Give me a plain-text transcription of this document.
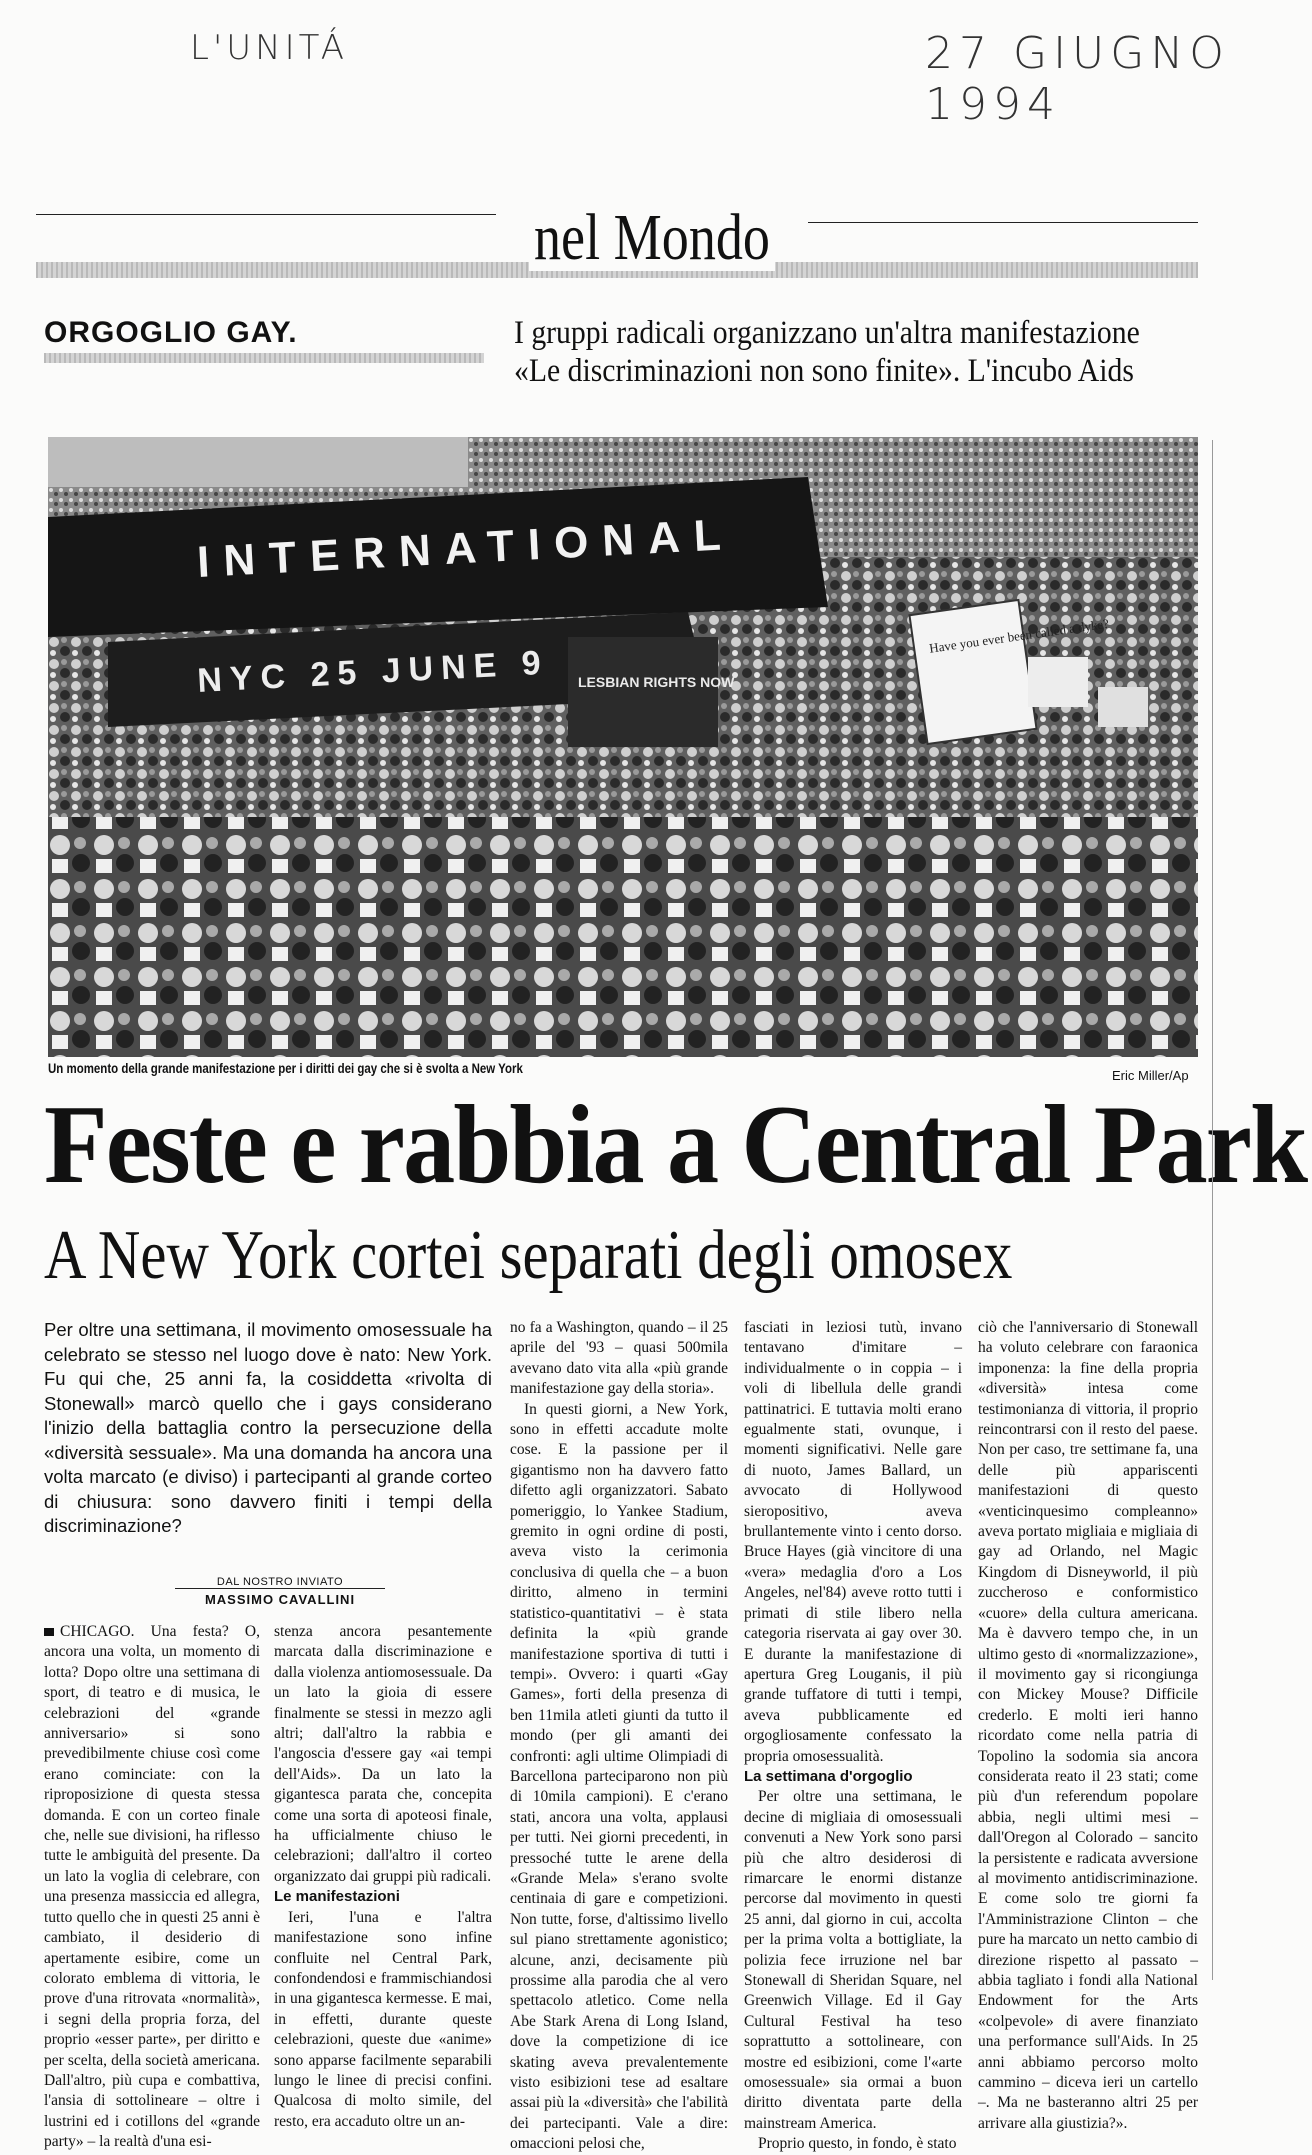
L'UNITÁ	27 GIUGNO 1994
nel Mondo
ORGOGLIO GAY.	I gruppi radicali organizzano un'altra manifestazione
«Le discriminazioni non sono finite». L'incubo Aids
INTERNATIONAL
NYC 25 JUNE 9 LESBIAN RIGHTS NOW
Have you ever been called a dyke?
Un momento della grande manifestazione per i diritti dei gay che si è svolta a New York	Eric Miller/Ap
Feste e rabbia a Central Park
A New York cortei separati degli omosex
Per oltre una settimana, il movimento omosessuale ha celebrato se stesso nel luogo dove è nato: New York. Fu qui che, 25 anni fa, la cosiddetta «rivolta di Stonewall» marcò quello che i gays considerano l'inizio della battaglia contro la persecuzione della «diversità sessuale». Ma una domanda ha ancora una volta marcato (e diviso) i partecipanti al grande corteo di chiusura: sono davvero finiti i tempi della discriminazione?
DAL NOSTRO INVIATO
MASSIMO CAVALLINI

CHICAGO. Una festa? O, ancora una volta, un momento di lotta? Dopo oltre una settimana di sport, di teatro e di musica, le celebrazioni del «grande anniversario» si sono prevedibilmente chiuse così come erano cominciate: con la riproposizione di questa stessa domanda. E con un corteo finale che, nelle sue divisioni, ha riflesso tutte le ambiguità del presente. Da un lato la voglia di celebrare, con una presenza massiccia ed allegra, tutto quello che in questi 25 anni è cambiato, il desiderio di apertamente esibire, come un colorato emblema di vittoria, le prove d'una ritrovata «normalità», i segni della propria forza, del proprio «esser parte», per diritto e per scelta, della società americana. Dall'altro, più cupa e combattiva, l'ansia di sottolineare – oltre i lustrini ed i cotillons del «grande party» – la realtà d'una esi-

stenza ancora pesantemente marcata dalla discriminazione e dalla violenza antiomosessuale. Da un lato la gioia di essere finalmente se stessi in mezzo agli altri; dall'altro la rabbia e l'angoscia d'essere gay «ai tempi dell'Aids». Da un lato la gigantesca parata che, concepita come una sorta di apoteosi finale, ha ufficialmente chiuso le celebrazioni; dall'altro il corteo organizzato dai gruppi più radicali.

Le manifestazioni

Ieri, l'una e l'altra manifestazione sono infine confluite nel Central Park, confondendosi e frammischiandosi in una gigantesca kermesse. E mai, in effetti, durante queste celebrazioni, queste due «anime» sono apparse facilmente separabili lungo le linee di precisi confini. Qualcosa di molto simile, del resto, era accaduto oltre un an-

no fa a Washington, quando – il 25 aprile del '93 – quasi 500mila avevano dato vita alla «più grande manifestazione gay della storia».

In questi giorni, a New York, sono in effetti accadute molte cose. E la passione per il gigantismo non ha davvero fatto difetto agli organizzatori. Sabato pomeriggio, lo Yankee Stadium, gremito in ogni ordine di posti, aveva visto la cerimonia conclusiva di quella che – a buon diritto, almeno in termini statistico-quantitativi – è stata definita la «più grande manifestazione sportiva di tutti i tempi». Ovvero: i quarti «Gay Games», forti della presenza di ben 11mila atleti giunti da tutto il mondo (per gli amanti dei confronti: agli ultime Olimpiadi di Barcellona parteciparono non più di 10mila campioni). E c'erano stati, ancora una volta, applausi per tutti. Nei giorni precedenti, in pressoché tutte le arene della «Grande Mela» s'erano svolte centinaia di gare e competizioni. Non tutte, forse, d'altissimo livello sul piano strettamente agonistico; alcune, anzi, decisamente più prossime alla parodia che al vero spettacolo atletico. Come nella Abe Stark Arena di Long Island, dove la competizione di ice skating aveva prevalentemente visto esibizioni tese ad esaltare assai più la «diversità» che l'abilità dei partecipanti. Vale a dire: omaccioni pelosi che,

fasciati in leziosi tutù, invano tentavano d'imitare – individualmente o in coppia – i voli di libellula delle grandi pattinatrici. E tuttavia molti erano egualmente stati, ovunque, i momenti significativi. Nelle gare di nuoto, James Ballard, un avvocato di Hollywood sieropositivo, aveva brullantemente vinto i cento dorso. Bruce Hayes (già vincitore di una «vera» medaglia d'oro a Los Angeles, nel'84) aveve rotto tutti i primati di stile libero nella categoria riservata ai gay over 30. E durante la manifestazione di apertura Greg Louganis, il più grande tuffatore di tutti i tempi, aveva pubblicamente ed orgogliosamente confessato la propria omosessualità.

La settimana d'orgoglio

Per oltre una settimana, le decine di migliaia di omosessuali convenuti a New York sono parsi più che altro desiderosi di rimarcare le enormi distanze percorse dal movimento in questi 25 anni, dal giorno in cui, accolta per la prima volta a bottigliate, la polizia fece irruzione nel bar Stonewall di Sheridan Square, nel Greenwich Village. Ed il Gay Cultural Festival ha teso soprattutto a sottolineare, con mostre ed esibizioni, come l'«arte omosessuale» sia ormai a buon diritto diventata parte della mainstream America.

Proprio questo, in fondo, è stato

ciò che l'anniversario di Stonewall ha voluto celebrare con faraonica imponenza: la fine della propria «diversità» intesa come testimonianza di vittoria, il proprio reincontrarsi con il resto del paese. Non per caso, tre settimane fa, una delle più appariscenti manifestazioni di questo «venticinquesimo compleanno» aveva portato migliaia e migliaia di gay ad Orlando, nel Magic Kingdom di Disneyworld, il più zuccheroso e conformistico «cuore» della cultura americana. Ma è davvero tempo che, in un ultimo gesto di «normalizzazione», il movimento gay si ricongiunga con Mickey Mouse? Difficile crederlo. E molti ieri hanno ricordato come nella patria di Topolino la sodomia sia ancora considerata reato il 23 stati; come più d'un referendum popolare abbia, negli ultimi mesi – dall'Oregon al Colorado – sancito la persistente e radicata avversione al movimento antidiscriminazione. E come solo tre giorni fa l'Amministrazione Clinton – che pure ha marcato un netto cambio di direzione rispetto al passato – abbia tagliato i fondi alla National Endowment for the Arts «colpevole» di avere finanziato una performance sull'Aids. In 25 anni abbiamo percorso molto cammino – diceva ieri un cartello –. Ma ne basteranno altri 25 per arrivare alla giustizia?».
